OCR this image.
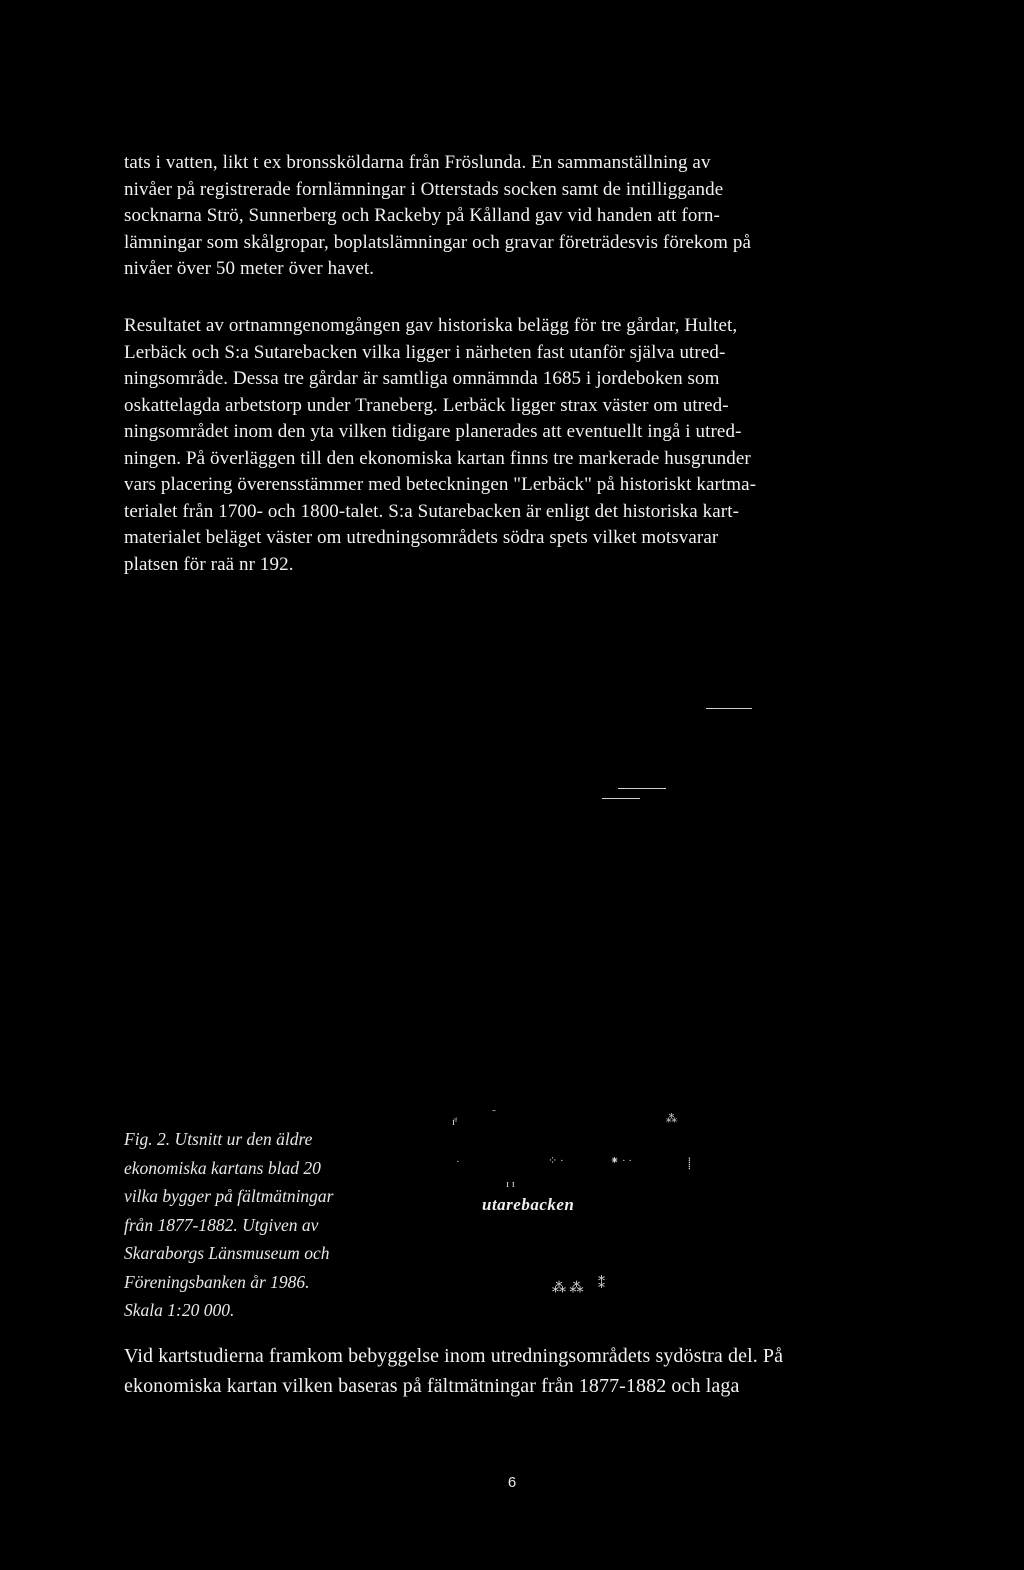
tats i vatten, likt t ex bronssköldarna från Fröslunda. En sammanställning av
nivåer på registrerade fornlämningar i Otterstads socken samt de intilliggande
socknarna Strö, Sunnerberg och Rackeby på Kålland gav vid handen att forn-
lämningar som skålgropar, boplatslämningar och gravar företrädesvis förekom på
nivåer över 50 meter över havet.
Resultatet av ortnamngenomgången gav historiska belägg för tre gårdar, Hultet,
Lerbäck och S:a Sutarebacken vilka ligger i närheten fast utanför själva utred-
ningsområde. Dessa tre gårdar är samtliga omnämnda 1685 i jordeboken som
oskattelagda arbetstorp under Traneberg. Lerbäck ligger strax väster om utred-
ningsområdet inom den yta vilken tidigare planerades att eventuellt ingå i utred-
ningen. På överläggen till den ekonomiska kartan finns tre markerade husgrunder
vars placering överensstämmer med beteckningen "Lerbäck" på historiskt kartma-
terialet från 1700- och 1800-talet. S:a Sutarebacken är enligt det historiska kart-
materialet beläget väster om utredningsområdets södra spets vilket motsvarar
platsen för raä nr 192.
Fig. 2. Utsnitt ur den äldre
ekonomiska kartans blad 20
vilka bygger på fältmätningar
från 1877-1882. Utgiven av
Skaraborgs Länsmuseum och
Föreningsbanken år 1986.
Skala 1:20 000.
ɪ̈ᶠ
˜	⁂
·	⁘ ·	⁕ · ·	⸽
ɪ ɪ
utarebacken
⁂ ⁂ ⁑
Vid kartstudierna framkom bebyggelse inom utredningsområdets sydöstra del. På
ekonomiska kartan vilken baseras på fältmätningar från 1877-1882 och laga
6
